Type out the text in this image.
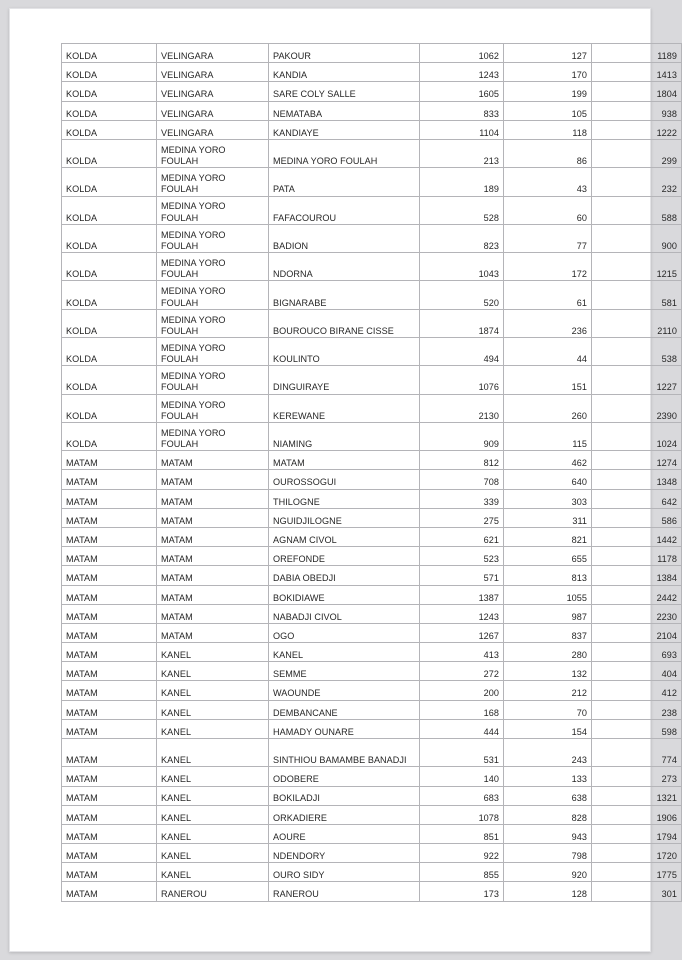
KOLDA	VELINGARA	PAKOUR	1062	127	1189
KOLDA	VELINGARA	KANDIA	1243	170	1413
KOLDA	VELINGARA	SARE COLY SALLE	1605	199	1804
KOLDA	VELINGARA	NEMATABA	833	105	938
KOLDA	VELINGARA	KANDIAYE	1104	118	1222
KOLDA	MEDINA YORO FOULAH	MEDINA YORO FOULAH	213	86	299
KOLDA	MEDINA YORO FOULAH	PATA	189	43	232
KOLDA	MEDINA YORO FOULAH	FAFACOUROU	528	60	588
KOLDA	MEDINA YORO FOULAH	BADION	823	77	900
KOLDA	MEDINA YORO FOULAH	NDORNA	1043	172	1215
KOLDA	MEDINA YORO FOULAH	BIGNARABE	520	61	581
KOLDA	MEDINA YORO FOULAH	BOUROUCO BIRANE CISSE	1874	236	2110
KOLDA	MEDINA YORO FOULAH	KOULINTO	494	44	538
KOLDA	MEDINA YORO FOULAH	DINGUIRAYE	1076	151	1227
KOLDA	MEDINA YORO FOULAH	KEREWANE	2130	260	2390
KOLDA	MEDINA YORO FOULAH	NIAMING	909	115	1024
MATAM	MATAM	MATAM	812	462	1274
MATAM	MATAM	OUROSSOGUI	708	640	1348
MATAM	MATAM	THILOGNE	339	303	642
MATAM	MATAM	NGUIDJILOGNE	275	311	586
MATAM	MATAM	AGNAM CIVOL	621	821	1442
MATAM	MATAM	OREFONDE	523	655	1178
MATAM	MATAM	DABIA OBEDJI	571	813	1384
MATAM	MATAM	BOKIDIAWE	1387	1055	2442
MATAM	MATAM	NABADJI CIVOL	1243	987	2230
MATAM	MATAM	OGO	1267	837	2104
MATAM	KANEL	KANEL	413	280	693
MATAM	KANEL	SEMME	272	132	404
MATAM	KANEL	WAOUNDE	200	212	412
MATAM	KANEL	DEMBANCANE	168	70	238
MATAM	KANEL	HAMADY OUNARE	444	154	598
MATAM	KANEL	SINTHIOU BAMAMBE BANADJI	531	243	774
MATAM	KANEL	ODOBERE	140	133	273
MATAM	KANEL	BOKILADJI	683	638	1321
MATAM	KANEL	ORKADIERE	1078	828	1906
MATAM	KANEL	AOURE	851	943	1794
MATAM	KANEL	NDENDORY	922	798	1720
MATAM	KANEL	OURO SIDY	855	920	1775
MATAM	RANEROU	RANEROU	173	128	301
